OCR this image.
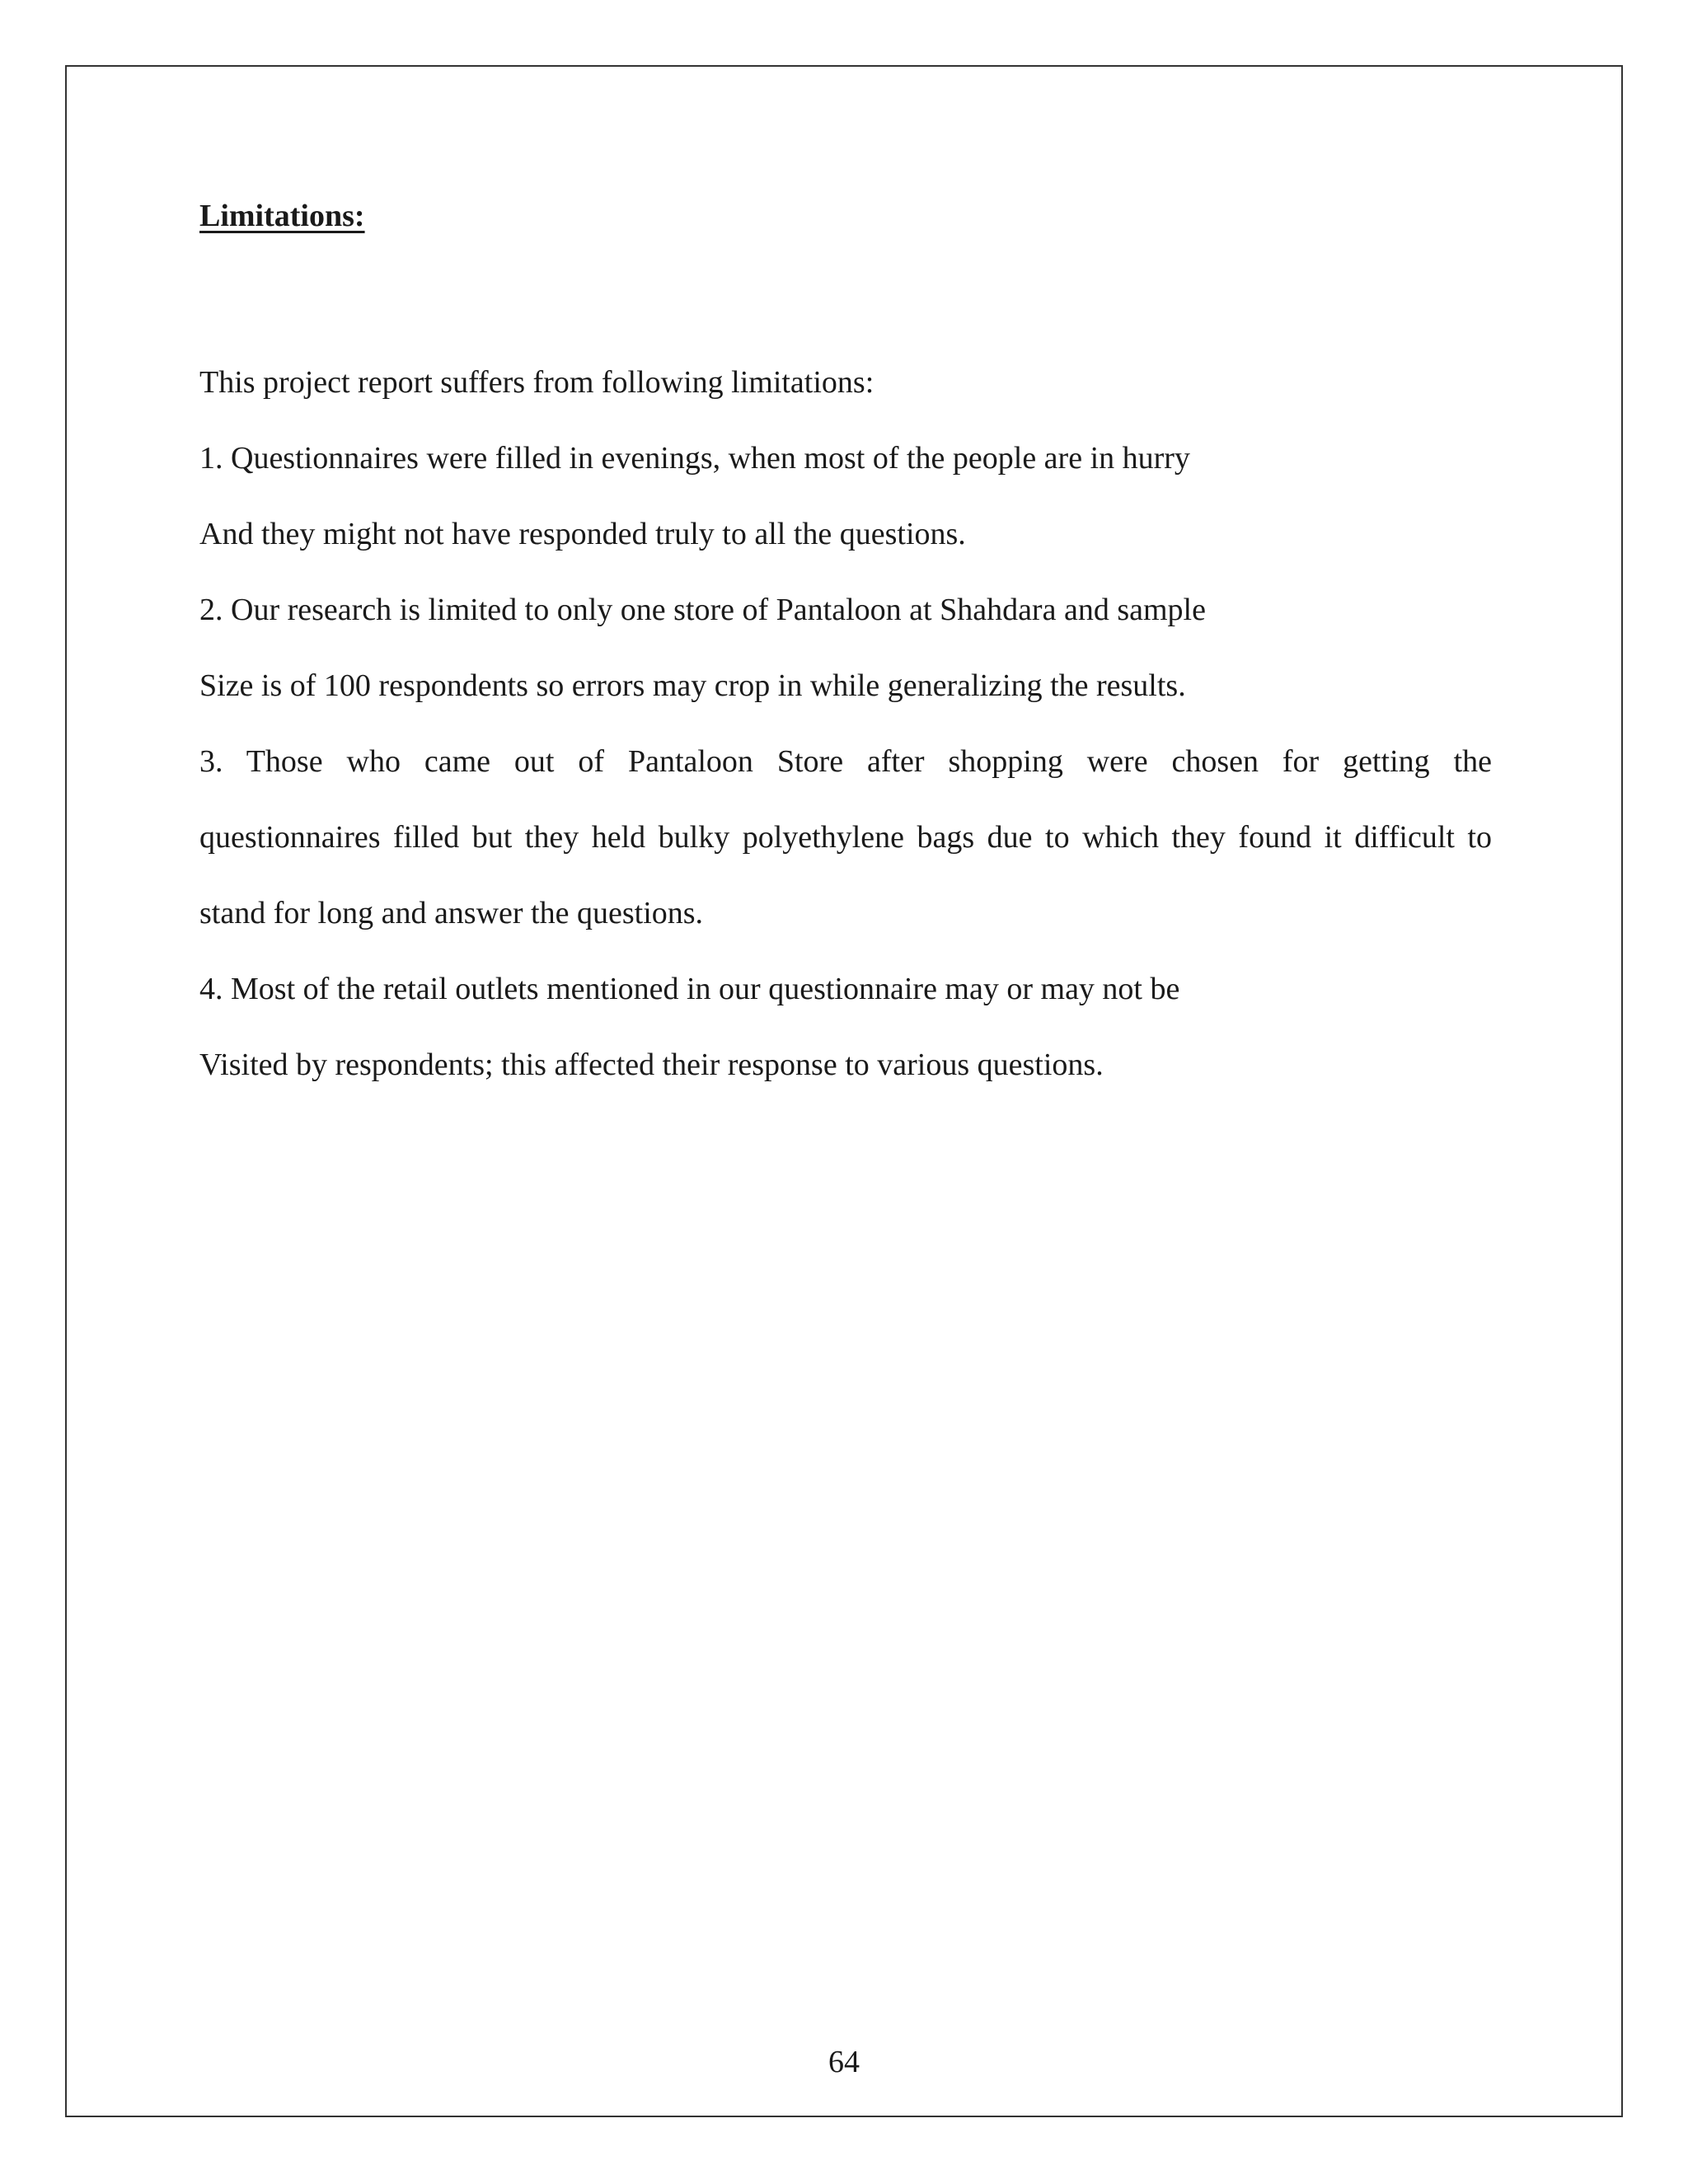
Limitations:
This project report suffers from following limitations:
1. Questionnaires were filled in evenings, when most of the people are in hurry
And they might not have responded truly to all the questions.
2. Our research is limited to only one store of Pantaloon at Shahdara and sample
Size is of 100 respondents so errors may crop in while generalizing the results.
3. Those who came out of Pantaloon Store after shopping were chosen for getting the
questionnaires filled but they held bulky polyethylene bags due to which they found it difficult to
stand for long and answer the questions.
4. Most of the retail outlets mentioned in our questionnaire may or may not be
Visited by respondents; this affected their response to various questions.
64
